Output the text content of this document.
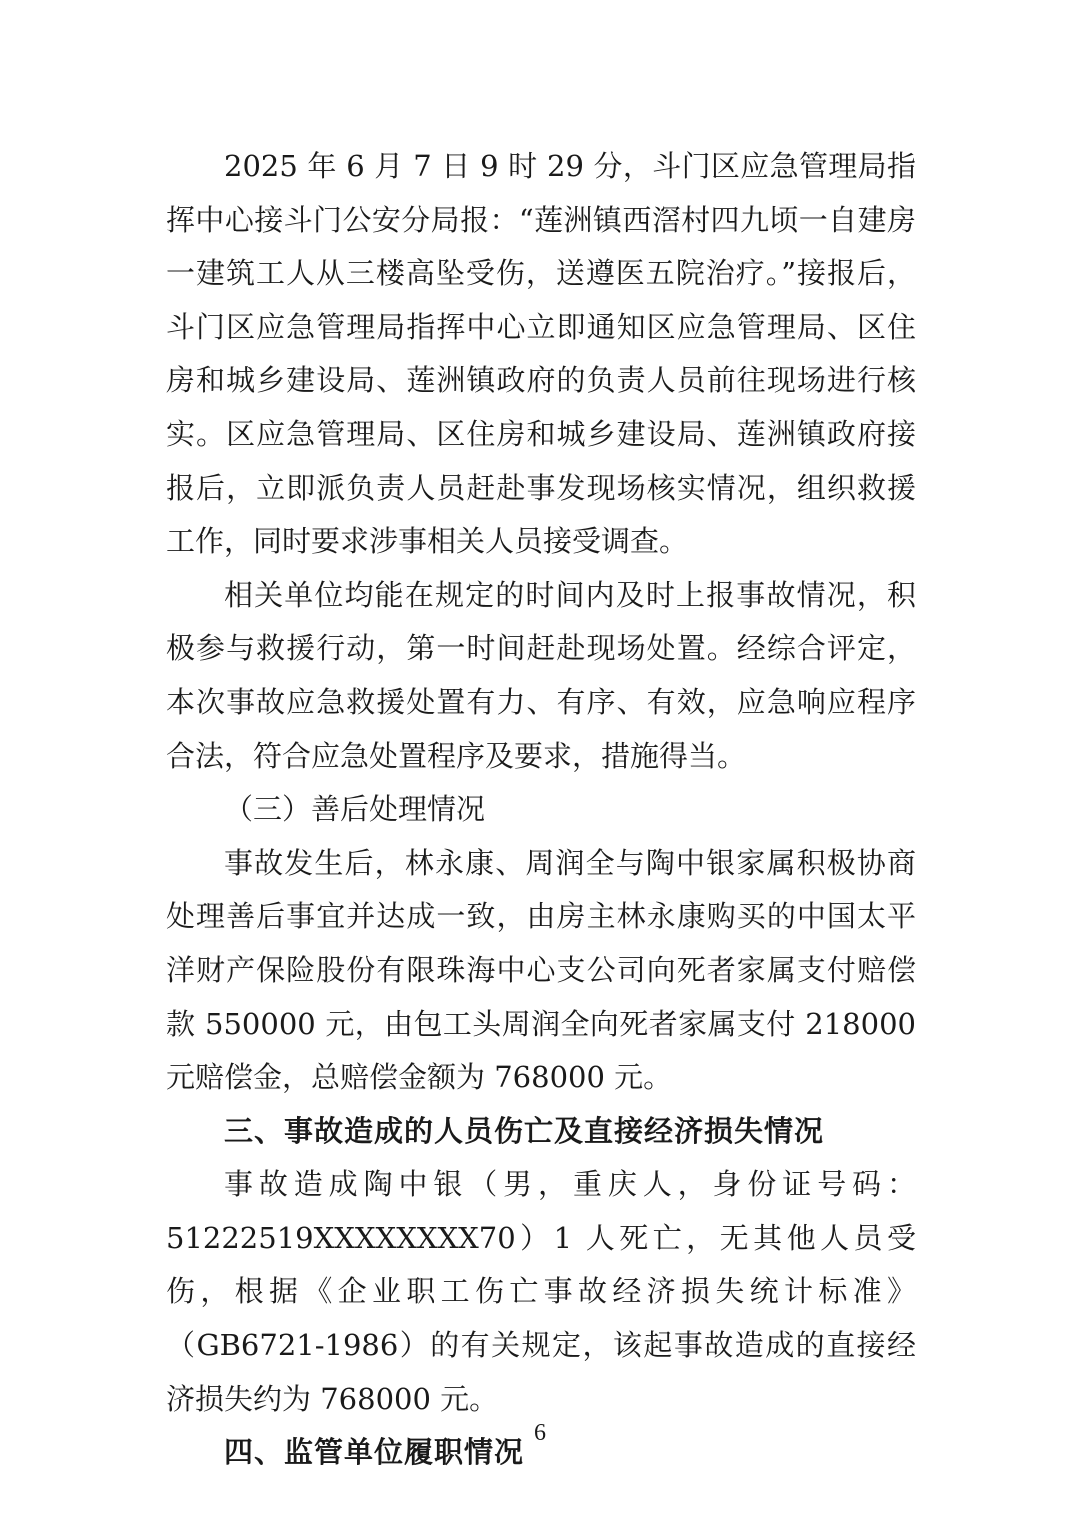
2025 年 6 月 7 日 9 时 29 分，斗门区应急管理局指挥中心接斗门公安分局报：“莲洲镇西滘村四九顷一自建房一建筑工人从三楼高坠受伤，送遵医五院治疗。”接报后，斗门区应急管理局指挥中心立即通知区应急管理局、区住房和城乡建设局、莲洲镇政府的负责人员前往现场进行核实。区应急管理局、区住房和城乡建设局、莲洲镇政府接报后，立即派负责人员赶赴事发现场核实情况，组织救援工作，同时要求涉事相关人员接受调查。

相关单位均能在规定的时间内及时上报事故情况，积极参与救援行动，第一时间赶赴现场处置。经综合评定，本次事故应急救援处置有力、有序、有效，应急响应程序合法，符合应急处置程序及要求，措施得当。

（三）善后处理情况

事故发生后，林永康、周润全与陶中银家属积极协商处理善后事宜并达成一致，由房主林永康购买的中国太平洋财产保险股份有限珠海中心支公司向死者家属支付赔偿款 550000 元，由包工头周润全向死者家属支付 218000 元赔偿金，总赔偿金额为 768000 元。

三、事故造成的人员伤亡及直接经济损失情况

事故造成陶中银（男，重庆人，身份证号码：51222519XXXXXXXX70）1 人死亡，无其他人员受伤，根据《企业职工伤亡事故经济损失统计标准》（GB6721-1986）的有关规定，该起事故造成的直接经济损失约为 768000 元。

四、监管单位履职情况

6
